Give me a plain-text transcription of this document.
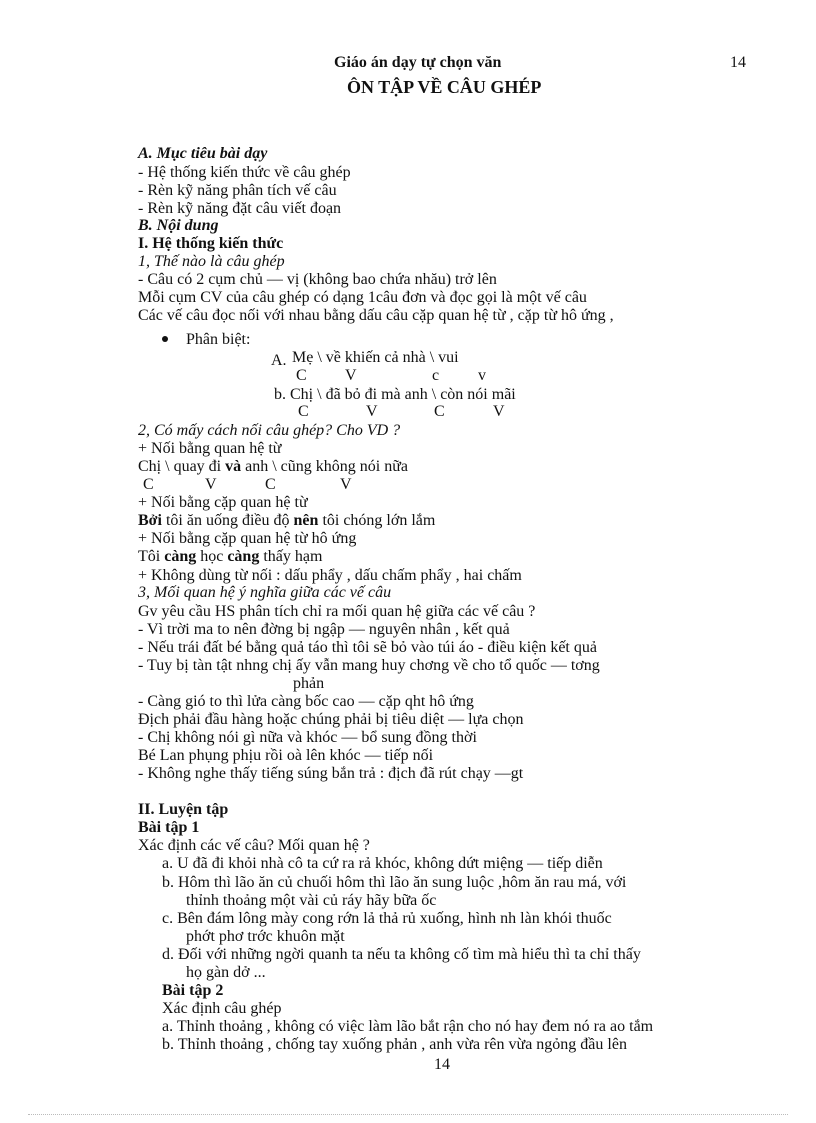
Giáo án dạy tự chọn văn	14
ÔN TẬP VỀ CÂU GHÉP
A. Mục tiêu bài dạy
- Hệ thống kiến thức về câu ghép
- Rèn kỹ năng phân tích vế câu
- Rèn kỹ năng đặt câu viết đoạn
B. Nội dung
I. Hệ thống kiến thức
1, Thế nào là câu ghép
- Câu có 2 cụm chủ — vị (không bao chứa nhău) trở lên
Mỗi cụm CV của câu ghép có dạng 1câu đơn và đọc gọi là một vế câu
Các vế câu đọc nối với nhau bằng dấu câu cặp quan hệ từ , cặp từ hô ứng ,
Phân biệt:
A. Mẹ \ về khiến cả nhà \ vui
C V	c v
b. Chị \ đã bỏ đi mà anh \ còn nói mãi
C	V	C	V
2, Có mấy cách nối câu ghép? Cho VD ?
+ Nối bằng quan hệ từ
Chị \ quay đi và anh \ cũng không nói nữa
C	V	C	V
+ Nối bằng cặp quan hệ từ
Bởi tôi ăn uống điều độ nên tôi chóng lớn lắm
+ Nối bằng cặp quan hệ từ hô ứng
Tôi càng học càng thấy hạm
+ Không dùng từ nối : dấu phẩy , dấu chấm phẩy , hai chấm
3, Mối quan hệ ý nghĩa giữa các vế câu
Gv yêu cầu HS phân tích chỉ ra mối quan hệ giữa các vế câu ?
- Vì trời ma to nên đờng bị ngập — nguyên nhân , kết quả
- Nếu trái đất bé bằng quả táo thì tôi sẽ bỏ vào túi áo - điều kiện kết quả
- Tuy bị tàn tật nhng chị ấy vẫn mang huy chơng về cho tổ quốc — tơng
phản
- Càng gió to thì lửa càng bốc cao — cặp qht hô ứng
Địch phải đầu hàng hoặc chúng phải bị tiêu diệt — lựa chọn
- Chị không nói gì nữa và khóc — bổ sung đồng thời
Bé Lan phụng phịu rồi oà lên khóc — tiếp nối
- Không nghe thấy tiếng súng bắn trả : địch đã rút chạy —gt
II. Luyện tập
Bài tập 1
Xác định các vế câu? Mối quan hệ ?
a. U đã đi khỏi nhà cô ta cứ ra rả khóc, không dứt miệng — tiếp diễn
b. Hôm thì lão ăn củ chuối hôm thì lão ăn sung luộc ,hôm ăn rau má, với
thỉnh thoảng một vài củ ráy hãy bữa ốc
c. Bên đám lông mày cong rớn lả thả rủ xuống, hình nh làn khói thuốc
phớt phơ trớc khuôn mặt
d. Đối với những ngời quanh ta nếu ta không cố tìm mà hiểu thì ta chỉ thấy
họ gàn dở ...
Bài tập 2
Xác định câu ghép
a. Thỉnh thoảng , không có việc làm lão bắt rận cho nó hay đem nó ra ao tắm
b. Thỉnh thoảng , chống tay xuống phản , anh vừa rên vừa ngỏng đầu lên
14
